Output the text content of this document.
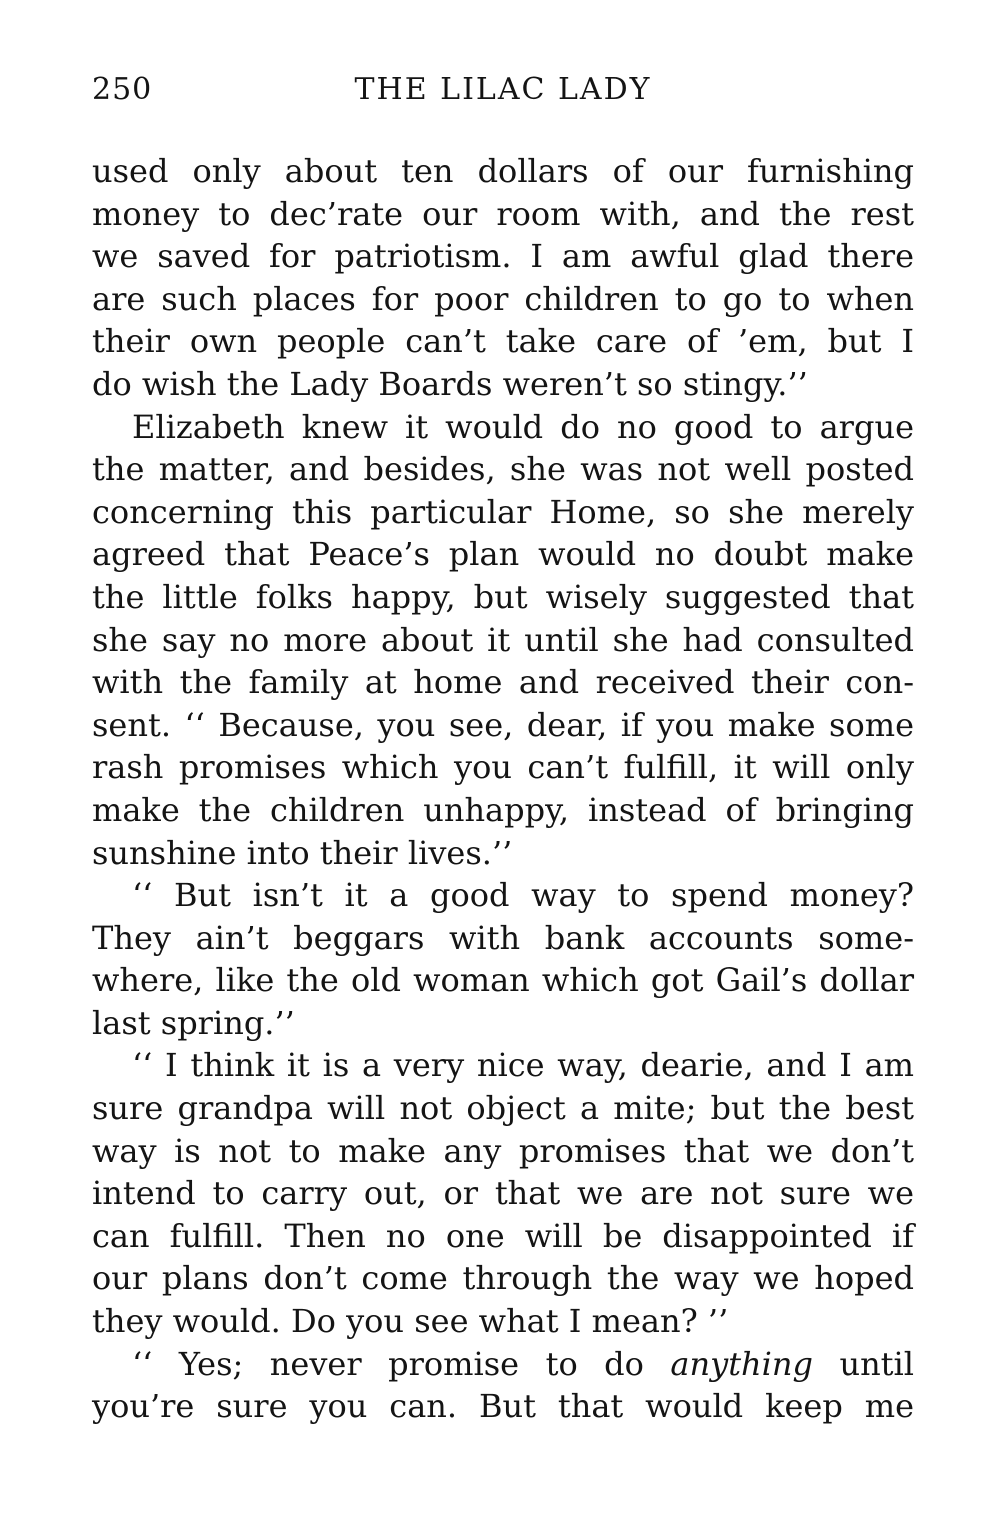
250	THE LILAC LADY
used only about ten dollars of our furnishing
money to dec’rate our room with, and the rest
we saved for patriotism. I am awful glad there
are such places for poor children to go to when
their own people can’t take care of ’em, but I
do wish the Lady Boards weren’t so stingy.’’
Elizabeth knew it would do no good to argue
the matter, and besides, she was not well posted
concerning this particular Home, so she merely
agreed that Peace’s plan would no doubt make
the little folks happy, but wisely suggested that
she say no more about it until she had consulted
with the family at home and received their con-
sent. ‘‘ Because, you see, dear, if you make some
rash promises which you can’t fulfill, it will only
make the children unhappy, instead of bringing
sunshine into their lives.’’
‘‘ But isn’t it a good way to spend money?
They ain’t beggars with bank accounts some-
where, like the old woman which got Gail’s dollar
last spring.’’
‘‘ I think it is a very nice way, dearie, and I am
sure grandpa will not object a mite; but the best
way is not to make any promises that we don’t
intend to carry out, or that we are not sure we
can fulfill. Then no one will be disappointed if
our plans don’t come through the way we hoped
they would. Do you see what I mean? ’’
‘‘ Yes; never promise to do anything until
you’re sure you can. But that would keep me
